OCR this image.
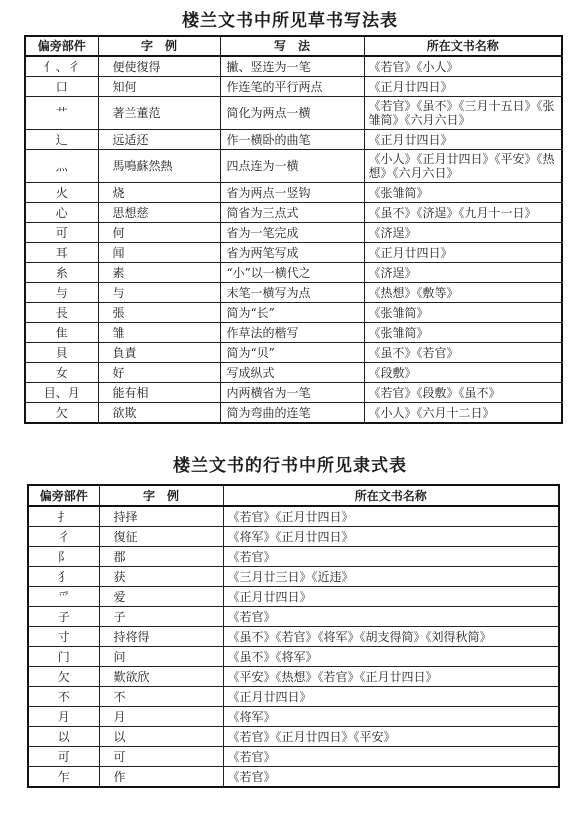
楼兰文书中所见草书写法表
偏旁部件	字　例	写　法	所在文书名称
亻、彳	便使復得	撇、竖连为一笔	《若官》《小人》
口	知何	作连笔的平行两点	《正月廿四日》
艹	著兰董范	简化为两点一横	《若官》《虽不》《三月十五日》《张雏简》《六月六日》
辶	远适还	作一横卧的曲笔	《正月廿四日》
灬	馬鳴蘇然熱	四点连为一横	《小人》《正月廿四日》《平安》《热想》《六月六日》
火	烧	省为两点一竖钩	《张雏简》
心	思想慈	简省为三点式	《虽不》《济逞》《九月十一日》
可	何	省为一笔完成	《济逞》
耳	闻	省为两笔写成	《正月廿四日》
糸	素	“小”以一横代之	《济逞》
与	与	末笔一横写为点	《热想》《敷等》
長	張	简为“长”	《张雏简》
隹	雏	作草法的楷写	《张雏简》
貝	負責	简为“贝”	《虽不》《若官》
女	好	写成纵式	《段敷》
目、月	能有相	内两横省为一笔	《若官》《段敷》《虽不》
欠	欲欺	简为弯曲的连笔	《小人》《六月十二日》
楼兰文书的行书中所见隶式表
偏旁部件	字　例	所在文书名称
扌	持择	《若官》《正月廿四日》
彳	復征	《将军》《正月廿四日》
阝	郡	《若官》
犭	获	《三月廿三日》《近违》
爫	爱	《正月廿四日》
子	子	《若官》
寸	持将得	《虽不》《若官》《将军》《胡支得简》《刘得秋简》
门	问	《虽不》《将军》
欠	歎欲欣	《平安》《热想》《若官》《正月廿四日》
不	不	《正月廿四日》
月	月	《将军》
以	以	《若官》《正月廿四日》《平安》
可	可	《若官》
乍	作	《若官》
